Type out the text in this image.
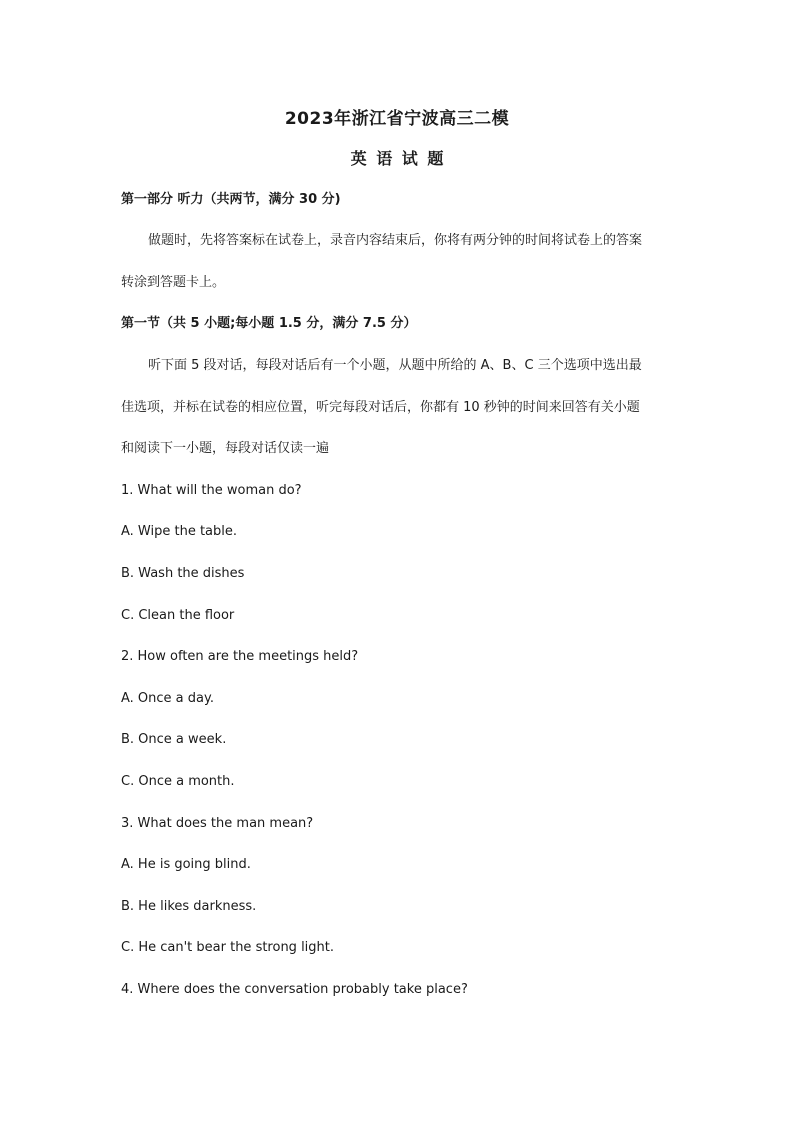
2023年浙江省宁波高三二模
英 语 试 题
第一部分 听力（共两节，满分 30 分)
做题时，先将答案标在试卷上，录音内容结束后，你将有两分钟的时间将试卷上的答案
转涂到答题卡上。
第一节（共 5 小题;每小题 1.5 分，满分 7.5 分）
听下面 5 段对话，每段对话后有一个小题，从题中所给的 A、B、C 三个选项中选出最
佳选项，并标在试卷的相应位置，听完每段对话后，你都有 10 秒钟的时间来回答有关小题
和阅读下一小题，每段对话仅读一遍
1. What will the woman do?
A. Wipe the table.
B. Wash the dishes
C. Clean the floor
2. How often are the meetings held?
A. Once a day.
B. Once a week.
C. Once a month.
3. What does the man mean?
A. He is going blind.
B. He likes darkness.
C. He can't bear the strong light.
4. Where does the conversation probably take place?
